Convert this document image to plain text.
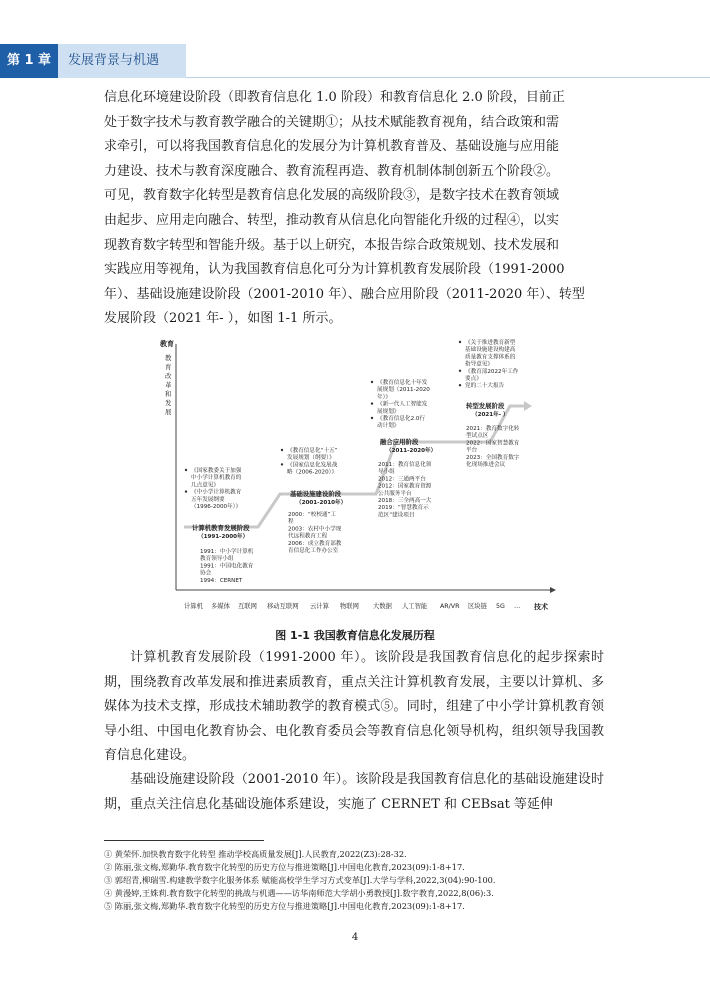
第 1 章	发展背景与机遇
信息化环境建设阶段（即教育信息化 1.0 阶段）和教育信息化 2.0 阶段，目前正
处于数字技术与教育教学融合的关键期①；从技术赋能教育视角，结合政策和需
求牵引，可以将我国教育信息化的发展分为计算机教育普及、基础设施与应用能
力建设、技术与教育深度融合、教育流程再造、教育机制体制创新五个阶段②。
可见，教育数字化转型是教育信息化发展的高级阶段③，是数字技术在教育领域
由起步、应用走向融合、转型，推动教育从信息化向智能化升级的过程④，以实
现教育数字转型和智能升级。基于以上研究，本报告综合政策规划、技术发展和
实践应用等视角，认为我国教育信息化可分为计算机教育发展阶段（1991-2000
年）、基础设施建设阶段（2001-2010 年）、融合应用阶段（2011-2020 年）、转型
发展阶段（2021 年- ），如图 1-1 所示。
教育
教育改革和发展
技术
计算机 多媒体 互联网 移动互联网 云计算 物联网 大数据 人工智能 AR/VR 区块链 5G …
《国家教委关于加强
中小学计算机教育的
几点意见》
《中小学计算机教育
五年发展纲要
（1996-2000年）》
计算机教育发展阶段
（1991-2000年）
1991：中小学计算机
教育领导小组
1991：中国电化教育
协会
1994：CERNET
《教育信息化“十五”
发展规划（纲要）》
《国家信息化发展战
略（2006-2020）》
基础设施建设阶段
（2001-2010年）
2000：“校校通”工
程
2003：农村中小学现
代远程教育工程
2006：成立教育部教
育信息化工作办公室
《教育信息化十年发
展规划（2011-2020
年）》
《新一代人工智能发
展规划》
《教育信息化2.0行
动计划》
融合应用阶段
（2011-2020年）
2011：教育信息化领
导小组
2012：三通两平台
2012：国家教育资源
公共服务平台
2018：三全两高一大
2019：“智慧教育示
范区”建设项目
《关于推进教育新型
基础设施建设构建高
质量教育支撑体系的
指导意见》
《教育部2022年工作
要点》
党的二十大报告
转型发展阶段
（2021年- ）
2021：教育数字化转
型试点区
2022：国家智慧教育
平台
2023：全国教育数字
化现场推进会议
图 1-1 我国教育信息化发展历程

计算机教育发展阶段（1991-2000 年）。该阶段是我国教育信息化的起步探索时期，围绕教育改革发展和推进素质教育，重点关注计算机教育发展，主要以计算机、多媒体为技术支撑，形成技术辅助教学的教育模式⑤。同时，组建了中小学计算机教育领导小组、中国电化教育协会、电化教育委员会等教育信息化领导机构，组织领导我国教育信息化建设。

基础设施建设阶段（2001-2010 年）。该阶段是我国教育信息化的基础设施建设时期，重点关注信息化基础设施体系建设，实施了 CERNET 和 CEBsat 等延伸

① 黄荣怀.加快教育数字化转型 推动学校高质量发展[J].人民教育,2022(Z3):28-32.
② 陈丽,张文梅,郑勤华.教育数字化转型的历史方位与推进策略[J].中国电化教育,2023(09):1-8+17.
③ 郭绍青,柳瑞雪.构建教学数字化服务体系 赋能高校学生学习方式变革[J].大学与学科,2022,3(04):90-100.
④ 黄漫婷,王姝莉.教育数字化转型的挑战与机遇——访华南师范大学胡小勇教授[J].数字教育,2022,8(06):3.
⑤ 陈丽,张文梅,郑勤华.教育数字化转型的历史方位与推进策略[J].中国电化教育,2023(09):1-8+17.
4
